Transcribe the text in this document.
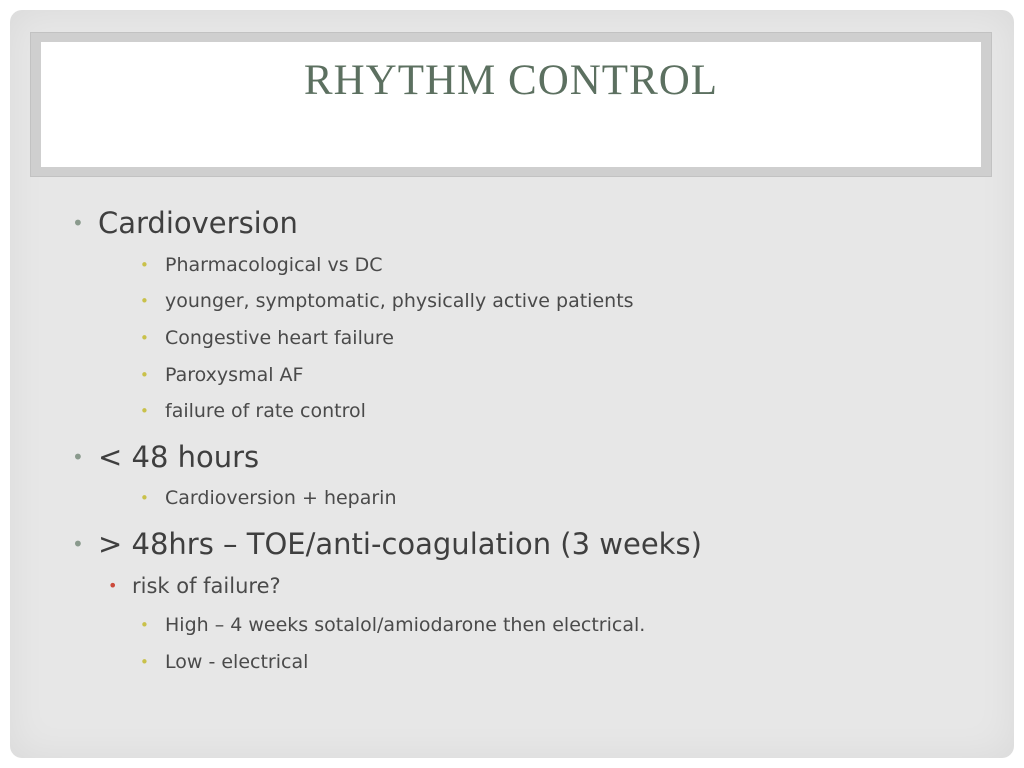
RHYTHM CONTROL
• Cardioversion
• Pharmacological vs DC
• younger, symptomatic, physically active patients
• Congestive heart failure
• Paroxysmal AF
• failure of rate control
• < 48 hours
• Cardioversion + heparin
• > 48hrs – TOE/anti-coagulation (3 weeks)
• risk of failure?
• High – 4 weeks sotalol/amiodarone then electrical.
• Low - electrical
